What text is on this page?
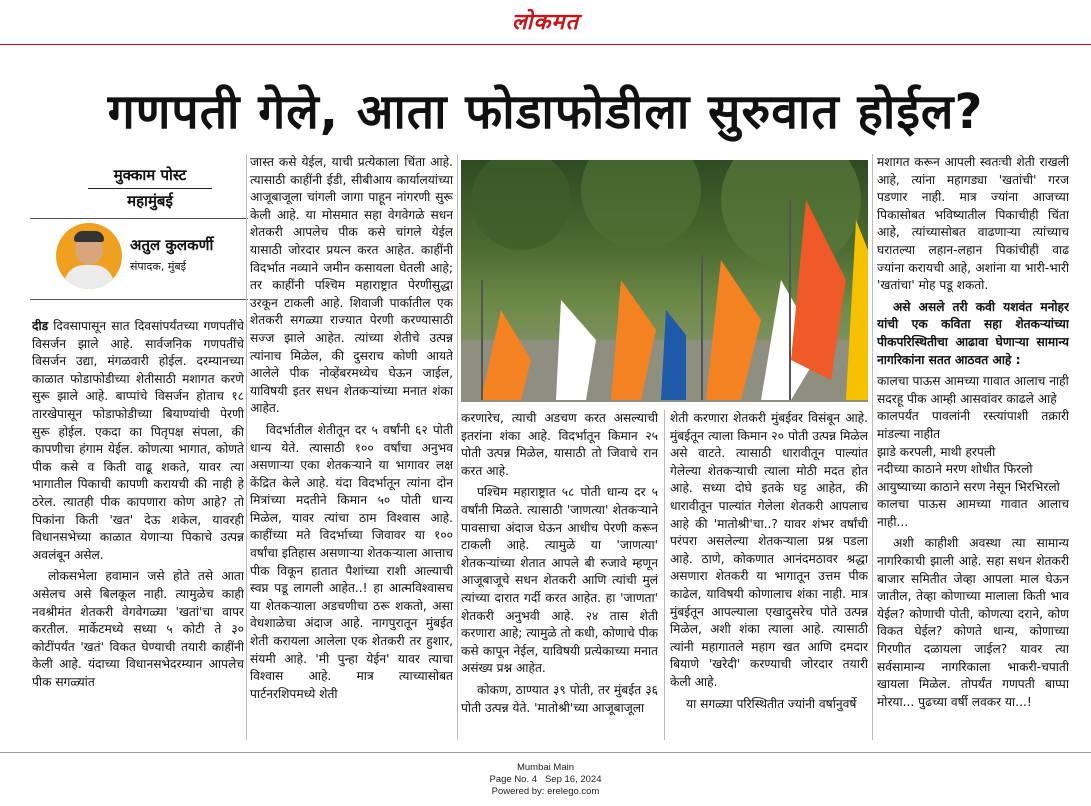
लोकमत
गणपती गेले, आता फोडाफोडीला सुरुवात होईल?
मुक्काम पोस्ट
महामुंबई
अतुल कुलकर्णी
संपादक, मुंबई

दीड दिवसापासून सात दिवसांपर्यंतच्या गणपतींचे विसर्जन झाले आहे. सार्वजनिक गणपतींचे विसर्जन उद्या, मंगळवारी होईल. दरम्यानच्या काळात फोडाफोडीच्या शेतीसाठी मशागत करणे सुरू झाले आहे. बाप्पांचे विसर्जन होताच १८ तारखेपासून फोडाफोडीच्या बियाण्यांची पेरणी सुरू होईल. एकदा का पितृपक्ष संपला, की कापणीचा हंगाम येईल. कोणत्या भागात, कोणते पीक कसे व किती वाढू शकते, यावर त्या भागातील पिकाची कापणी करायची की नाही हे ठरेल. त्यातही पीक कापणारा कोण आहे? तो पिकांना किती 'खत' देऊ शकेल, यावरही विधानसभेच्या काळात येणाऱ्या पिकाचे उत्पन्न अवलंबून असेल.

लोकसभेला हवामान जसे होते तसे आता असेलच असे बिलकूल नाही. त्यामुळेच काही नवश्रीमंत शेतकरी वेगवेगळ्या 'खतां'चा वापर करतील. मार्केटमध्ये सध्या ५ कोटी ते ३० कोटींपर्यंत 'खतं' विकत घेण्याची तयारी काहींनी केली आहे. यंदाच्या विधानसभेदरम्यान आपलेच पीक सगळ्यांत

जास्त कसे येईल, याची प्रत्येकाला चिंता आहे. त्यासाठी काहींनी ईडी, सीबीआय कार्यालयांच्या आजूबाजूला चांगली जागा पाहून नांगरणी सुरू केली आहे. या मोसमात सहा वेगवेगळे सधन शेतकरी आपलेच पीक कसे चांगले येईल यासाठी जोरदार प्रयत्न करत आहेत. काहींनी विदर्भात नव्याने जमीन कसायला घेतली आहे; तर काहींनी पश्चिम महाराष्ट्रात पेरणीसुद्धा उरकून टाकली आहे. शिवाजी पार्कातील एक शेतकरी सगळ्या राज्यात पेरणी करण्यासाठी सज्ज झाले आहेत. त्यांच्या शेतीचे उत्पन्न त्यांनाच मिळेल, की दुसराच कोणी आयते आलेले पीक नोव्हेंबरमध्येच घेऊन जाईल, याविषयी इतर सधन शेतकऱ्यांच्या मनात शंका आहेत.

विदर्भातील शेतीतून दर ५ वर्षांनी ६२ पोती धान्य येते. त्यासाठी १०० वर्षांचा अनुभव असणाऱ्या एका शेतकऱ्याने या भागावर लक्ष केंद्रित केले आहे. यंदा विदर्भातून त्यांना दोन मित्रांच्या मदतीने किमान ५० पोती धान्य मिळेल, यावर त्यांचा ठाम विश्वास आहे. काहींच्या मते विदर्भाच्या जिवावर या १०० वर्षांचा इतिहास असणाऱ्या शेतकऱ्याला आत्ताच पीक विकून हातात पैशांच्या राशी आल्याची स्वप्न पडू लागली आहेत..! हा आत्मविश्वासच या शेतकऱ्याला अडचणीचा ठरू शकतो, असा वेधशाळेचा अंदाज आहे. नागपुरातून मुंबईत शेती करायला आलेला एक शेतकरी तर हुशार, संयमी आहे. 'मी पुन्हा येईन' यावर त्याचा विश्वास आहे. मात्र त्याच्यासोबत पार्टनरशिपमध्ये शेती

करणारेच, त्याची अडचण करत असल्याची इतरांना शंका आहे. विदर्भातून किमान २५ पोती उत्पन्न मिळेल, यासाठी तो जिवाचे रान करत आहे.

पश्चिम महाराष्ट्रात ५८ पोती धान्य दर ५ वर्षांनी मिळते. त्यासाठी 'जाणत्या' शेतकऱ्याने पावसाचा अंदाज घेऊन आधीच पेरणी करून टाकली आहे. त्यामुळे या 'जाणत्या' शेतकऱ्यांच्या शेतात आपले बी रुजावे म्हणून आजूबाजूचे सधन शेतकरी आणि त्यांची मुलं त्यांच्या दारात गर्दी करत आहेत. हा 'जाणता' शेतकरी अनुभवी आहे. २४ तास शेती करणारा आहे; त्यामुळे तो कधी, कोणाचे पीक कसे कापून नेईल, याविषयी प्रत्येकाच्या मनात असंख्य प्रश्न आहेत.

कोकण, ठाण्यात ३९ पोती, तर मुंबईत ३६ पोती उत्पन्न येते. 'मातोश्री'च्या आजूबाजूला

शेती करणारा शेतकरी मुंबईवर विसंबून आहे. मुंबईतून त्याला किमान २० पोती उत्पन्न मिळेल असे वाटते. त्यासाठी धारावीतून पाल्यांत गेलेल्या शेतकऱ्याची त्याला मोठी मदत होत आहे. सध्या दोघे इतके घट्ट आहेत, की धारावीतून पाल्यांत गेलेला शेतकरी आपलाच आहे की 'मातोश्री'चा..? यावर शंभर वर्षांची परंपरा असलेल्या शेतकऱ्याला प्रश्न पडला आहे. ठाणे, कोकणात आनंदमठावर श्रद्धा असणारा शेतकरी या भागातून उत्तम पीक काढेल, याविषयी कोणालाच शंका नाही. मात्र मुंबईतून आपल्याला एखादुसरेच पोते उत्पन्न मिळेल, अशी शंका त्याला आहे. त्यासाठी त्यांनी महागातले महाग खत आणि दमदार बियाणे 'खरेदी' करण्याची जोरदार तयारी केली आहे.

या सगळ्या परिस्थितीत ज्यांनी वर्षानुवर्षे

मशागत करून आपली स्वतःची शेती राखली आहे, त्यांना महागड्या 'खतांची' गरज पडणार नाही. मात्र ज्यांना आजच्या पिकासोबत भविष्यातील पिकाचीही चिंता आहे, त्यांच्यासोबत वाढणाऱ्या त्यांच्याच घरातल्या लहान-लहान पिकांचीही वाढ ज्यांना करायची आहे, अशांना या भारी-भारी 'खतांचा' मोह पडू शकतो.

असे असले तरी कवी यशवंत मनोहर यांची एक कविता सहा शेतकऱ्यांच्या पीकपरिस्थितीचा आढावा घेणाऱ्या सामान्य नागरिकांना सतत आठवत आहे :

कालचा पाऊस आमच्या गावात आलाच नाही
सदरहू पीक आम्ही आसवांवर काढले आहे
कालपर्यंत पावलांनी रस्त्यांपाशी तक्रारी मांडल्या नाहीत
झाडे करपली, माथी हरपली
नदीच्या काठाने मरण शोधीत फिरलो
आयुष्याच्या काठाने सरण नेसून भिरभिरलो
कालचा पाऊस आमच्या गावात आलाच नाही...

अशी काहीशी अवस्था त्या सामान्य नागरिकाची झाली आहे. सहा सधन शेतकरी बाजार समितीत जेव्हा आपला माल घेऊन जातील, तेव्हा कोणाच्या मालाला किती भाव येईल? कोणाची पोती, कोणत्या दराने, कोण विकत घेईल? कोणते धान्य, कोणाच्या गिरणीत दळायला जाईल? यावर त्या सर्वसामान्य नागरिकाला भाकरी-चपाती खायला मिळेल. तोपर्यंत गणपती बाप्पा मोरया... पुढच्या वर्षी लवकर या...!

Mumbai Main
Page No. 4 Sep 16, 2024
Powered by: erelego.com
